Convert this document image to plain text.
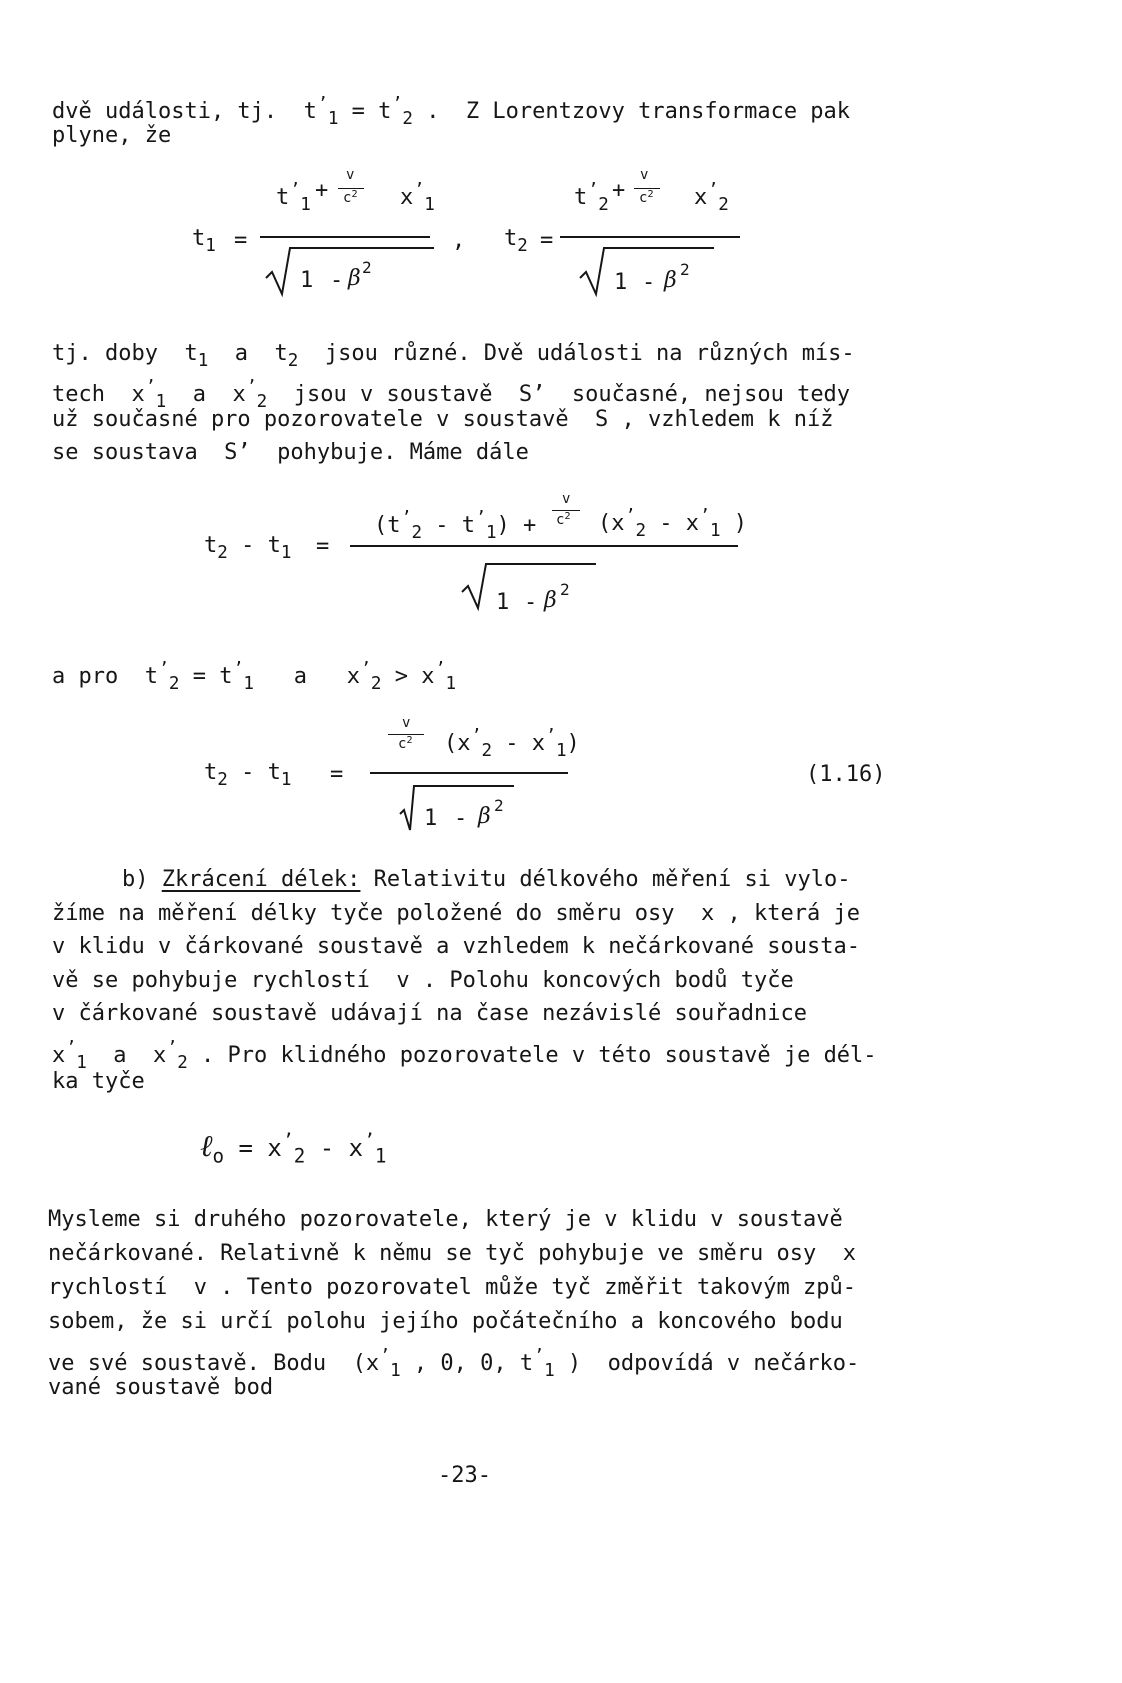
dvě události, tj.  $t^’_1 = t^’_2$ .  Z Lorentzovy transformace pak
plyne, že
$t_1$ =
$t^’_1$
+
v
$c^2$ $x^’_1$
1 - β 2
, $t_2$ =
$t^’_2$
+
v
$c^2$ $x^’_2$
1 - β 2
tj. doby  $t_1$  a  $t_2$  jsou různé. Dvě události na různých mís-
tech  $x^’_1$  a  $x^’_2$  jsou v soustavě  S’  současné, nejsou tedy
už současné pro pozorovatele v soustavě  S , vzhledem k níž
se soustava  S’  pohybuje. Máme dále
$t_2 - t_1$ =
$(t^’_2 - t^’_1)$ +
v
$c^2$ ($x^’_2 - x^’_1$ )
1 - β 2
a pro  $t^’_2 = t^’_1$   a   $x^’_2 > x^’_1$
$t_2 - t_1$ =
v
$c^2$ $(x^’_2 - x^’_1)$
1 - β 2
(1.16)
b) Zkrácení délek: Relativitu délkového měření si vylo-
žíme na měření délky tyče položené do směru osy  x , která je
v klidu v čárkované soustavě a vzhledem k nečárkované sousta-
vě se pohybuje rychlostí  v . Polohu koncových bodů tyče
v čárkované soustavě udávají na čase nezávislé souřadnice
$x^’_1$  a  $x^’_2$ . Pro klidného pozorovatele v této soustavě je dél-
ka tyče
ℓ$_o$ = $x^’_2 - x^’_1$
Mysleme si druhého pozorovatele, který je v klidu v soustavě
nečárkované. Relativně k němu se tyč pohybuje ve směru osy  x
rychlostí  v . Tento pozorovatel může tyč změřit takovým způ-
sobem, že si určí polohu jejího počátečního a koncového bodu
ve své soustavě. Bodu  ($x^’_1$ , 0, 0, $t^’_1$ )  odpovídá v nečárko-
vané soustavě bod
-23-
